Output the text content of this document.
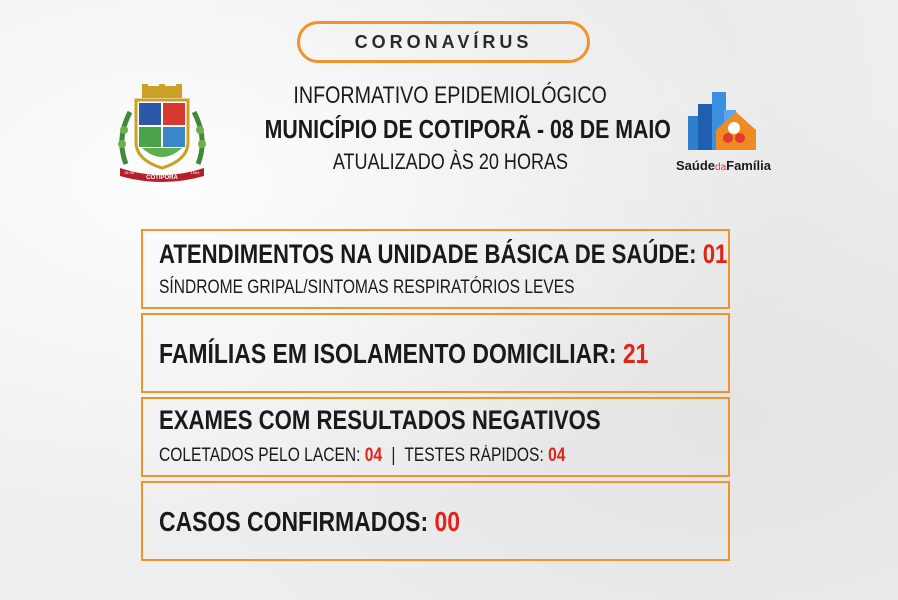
CORONAVÍRUS
COTIPORÃ
18 96	1904
INFORMATIVO EPIDEMIOLÓGICO
MUNICÍPIO DE COTIPORÃ - 08 DE MAIO
ATUALIZADO ÀS 20 HORAS	SaúdedaFamília
ATENDIMENTOS NA UNIDADE BÁSICA DE SAÚDE: 01
SÍNDROME GRIPAL/SINTOMAS RESPIRATÓRIOS LEVES
FAMÍLIAS EM ISOLAMENTO DOMICILIAR: 21
EXAMES COM RESULTADOS NEGATIVOS
COLETADOS PELO LACEN: 04 | TESTES RÁPIDOS: 04
CASOS CONFIRMADOS: 00
